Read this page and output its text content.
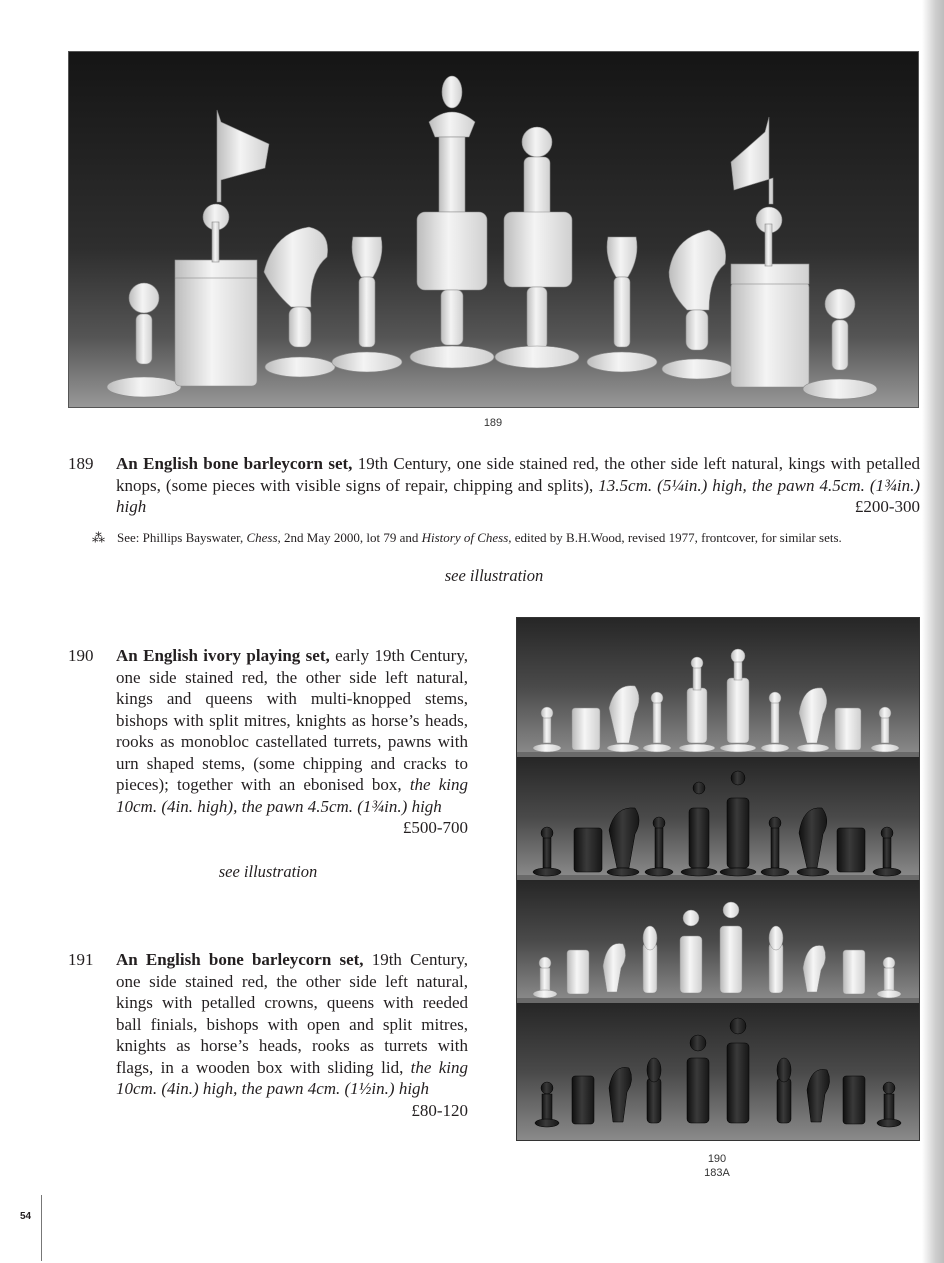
189
189 An English bone barleycorn set, 19th Century, one side stained red, the other side left natural, kings with petalled knops, (some pieces with visible signs of repair, chipping and splits), 13.5cm. (5¼in.) high, the pawn 4.5cm. (1¾in.) high	£200-300
⁂ See: Phillips Bayswater, Chess, 2nd May 2000, lot 79 and History of Chess, edited by B.H.Wood, revised 1977, frontcover, for similar sets.
see illustration
190 An English ivory playing set, early 19th Century, one side stained red, the other side left natural, kings and queens with multi-knopped stems, bishops with split mitres, knights as horse’s heads, rooks as monobloc castellated turrets, pawns with urn shaped stems, (some chipping and cracks to pieces); together with an ebonised box, the king 10cm. (4in. high), the pawn 4.5cm. (1¾in.) high
£500-700
see illustration
191 An English bone barleycorn set, 19th Century, one side stained red, the other side left natural, kings with petalled crowns, queens with reeded ball finials, bishops with open and split mitres, knights as horse’s heads, rooks as turrets with flags, in a wooden box with sliding lid, the king 10cm. (4in.) high, the pawn 4cm. (1½in.) high
£80-120
190
183A
54
